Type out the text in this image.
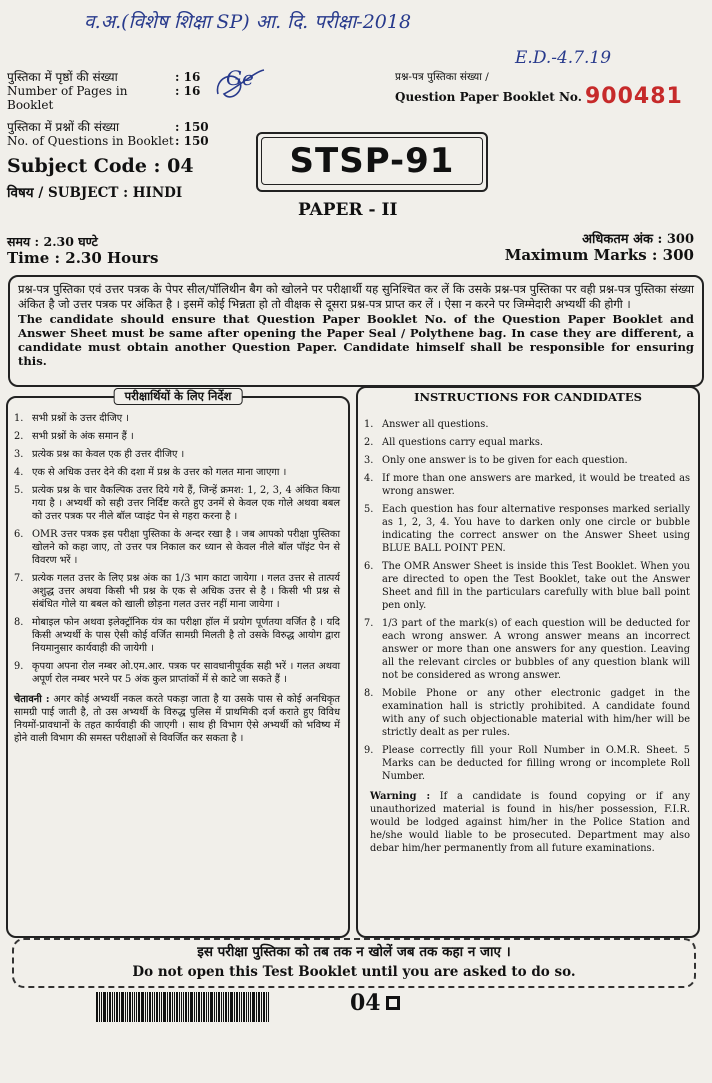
व.अ.(विशेष शिक्षा SP) आ. दि. परीक्षा-2018
E.D.-4.7.19
Ge
पुस्तिका में पृष्ठों की संख्या	: 16
Number of Pages in Booklet
: 16
पुस्तिका में प्रश्नों की संख्या	: 150
No. of Questions in Booklet : 150
प्रश्न-पत्र पुस्तिका संख्या /
Question Paper Booklet No. 900481
Subject Code : 04
विषय / SUBJECT : HINDI
STSP-91
PAPER - II
समय : 2.30 घण्टे
Time : 2.30 Hours
अधिकतम अंक : 300
Maximum Marks : 300
प्रश्न-पत्र पुस्तिका एवं उत्तर पत्रक के पेपर सील/पॉलिथीन बैग को खोलने पर परीक्षार्थी यह सुनिश्चित कर लें कि उसके प्रश्न-पत्र पुस्तिका पर वही प्रश्न-पत्र पुस्तिका संख्या अंकित है जो उत्तर पत्रक पर अंकित है । इसमें कोई भिन्नता हो तो वीक्षक से दूसरा प्रश्न-पत्र प्राप्त कर लें । ऐसा न करने पर जिम्मेदारी अभ्यर्थी की होगी ।
The candidate should ensure that Question Paper Booklet No. of the Question Paper Booklet and Answer Sheet must be same after opening the Paper Seal / Polythene bag. In case they are different, a candidate must obtain another Question Paper. Candidate himself shall be responsible for ensuring this.
परीक्षार्थियों के लिए निर्देश
1. सभी प्रश्नों के उत्तर दीजिए ।
2. सभी प्रश्नों के अंक समान हैं ।
3. प्रत्येक प्रश्न का केवल एक ही उत्तर दीजिए ।
4. एक से अधिक उत्तर देने की दशा में प्रश्न के उत्तर को गलत माना जाएगा ।
5. प्रत्येक प्रश्न के चार वैकल्पिक उत्तर दिये गये हैं, जिन्हें क्रमश: 1, 2, 3, 4 अंकित किया गया है । अभ्यर्थी को सही उत्तर निर्दिष्ट करते हुए उनमें से केवल एक गोले अथवा बबल को उत्तर पत्रक पर नीले बॉल प्वाइंट पेन से गहरा करना है ।
6. OMR उत्तर पत्रक इस परीक्षा पुस्तिका के अन्दर रखा है । जब आपको परीक्षा पुस्तिका खोलने को कहा जाए, तो उत्तर पत्र निकाल कर ध्यान से केवल नीले बॉल पॉइंट पेन से विवरण भरें ।
7. प्रत्येक गलत उत्तर के लिए प्रश्न अंक का 1/3 भाग काटा जायेगा । गलत उत्तर से तात्पर्य अशुद्ध उत्तर अथवा किसी भी प्रश्न के एक से अधिक उत्तर से है । किसी भी प्रश्न से संबंधित गोले या बबल को खाली छोड़ना गलत उत्तर नहीं माना जायेगा ।
8. मोबाइल फोन अथवा इलेक्ट्रॉनिक यंत्र का परीक्षा हॉल में प्रयोग पूर्णतया वर्जित है । यदि किसी अभ्यर्थी के पास ऐसी कोई वर्जित सामग्री मिलती है तो उसके विरुद्ध आयोग द्वारा नियमानुसार कार्यवाही की जायेगी ।
9. कृपया अपना रोल नम्बर ओ.एम.आर. पत्रक पर सावधानीपूर्वक सही भरें । गलत अथवा अपूर्ण रोल नम्बर भरने पर 5 अंक कुल प्राप्तांकों में से काटे जा सकते हैं ।
चेतावनी : अगर कोई अभ्यर्थी नकल करते पकड़ा जाता है या उसके पास से कोई अनधिकृत सामग्री पाई जाती है, तो उस अभ्यर्थी के विरुद्ध पुलिस में प्राथमिकी दर्ज कराते हुए विविध नियमों-प्रावधानों के तहत कार्यवाही की जाएगी । साथ ही विभाग ऐसे अभ्यर्थी को भविष्य में होने वाली विभाग की समस्त परीक्षाओं से विवर्जित कर सकता है ।
INSTRUCTIONS FOR CANDIDATES
1. Answer all questions.
2. All questions carry equal marks.
3. Only one answer is to be given for each question.
4. If more than one answers are marked, it would be treated as wrong answer.
5. Each question has four alternative responses marked serially as 1, 2, 3, 4. You have to darken only one circle or bubble indicating the correct answer on the Answer Sheet using BLUE BALL POINT PEN.
6. The OMR Answer Sheet is inside this Test Booklet. When you are directed to open the Test Booklet, take out the Answer Sheet and fill in the particulars carefully with blue ball point pen only.
7. 1/3 part of the mark(s) of each question will be deducted for each wrong answer. A wrong answer means an incorrect answer or more than one answers for any question. Leaving all the relevant circles or bubbles of any question blank will not be considered as wrong answer.
8. Mobile Phone or any other electronic gadget in the examination hall is strictly prohibited. A candidate found with any of such objectionable material with him/her will be strictly dealt as per rules.
9. Please correctly fill your Roll Number in O.M.R. Sheet. 5 Marks can be deducted for filling wrong or incomplete Roll Number.
Warning : If a candidate is found copying or if any unauthorized material is found in his/her possession, F.I.R. would be lodged against him/her in the Police Station and he/she would liable to be prosecuted. Department may also debar him/her permanently from all future examinations.
इस परीक्षा पुस्तिका को तब तक न खोलें जब तक कहा न जाए ।
Do not open this Test Booklet until you are asked to do so.
04
